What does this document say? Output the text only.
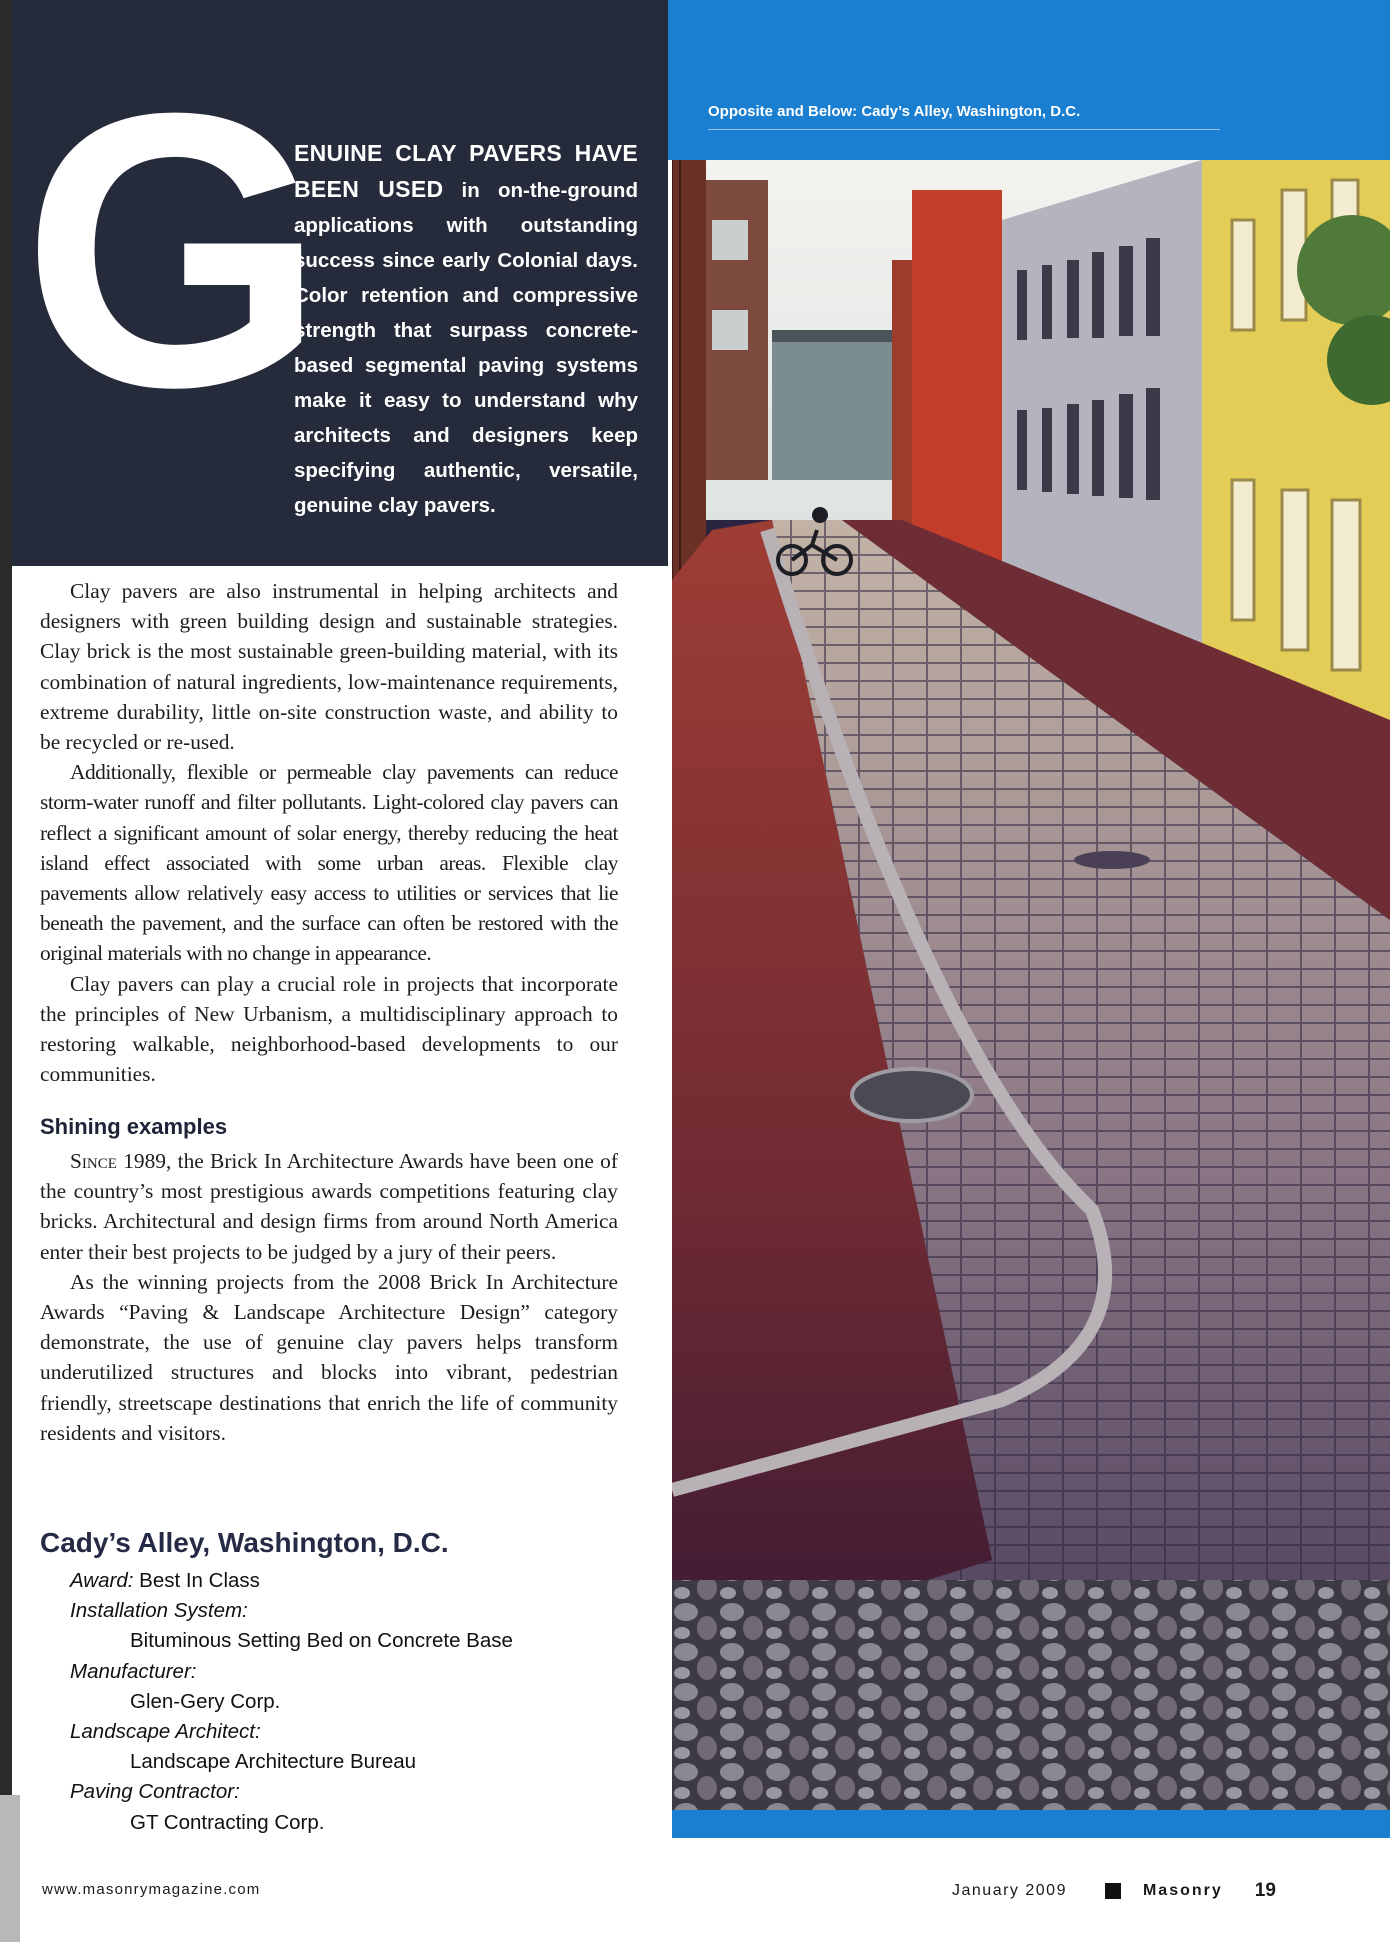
G
ENUINE CLAY PAVERS HAVE BEEN USED in on-the-ground applications with outstanding success since early Colonial days. Color retention and compressive strength that surpass concrete-based segmental paving systems make it easy to understand why architects and designers keep specifying authentic, versatile, genuine clay pavers.
Opposite and Below: Cady’s Alley, Washington, D.C.

Clay pavers are also instrumental in helping architects and designers with green building design and sustainable strategies. Clay brick is the most sustainable green-building material, with its combination of natural ingredients, low-maintenance requirements, extreme durability, little on-site construction waste, and ability to be recycled or re-used.

Additionally, flexible or permeable clay pavements can reduce storm-water runoff and filter pollutants. Light-colored clay pavers can reflect a significant amount of solar energy, thereby reducing the heat island effect associated with some urban areas. Flexible clay pavements allow relatively easy access to utilities or services that lie beneath the pavement, and the surface can often be restored with the original materials with no change in appearance.

Clay pavers can play a crucial role in projects that incorporate the principles of New Urbanism, a multidisciplinary approach to restoring walkable, neighborhood-based developments to our communities.

Shining examples

Since 1989, the Brick In Architecture Awards have been one of the country’s most prestigious awards competitions featuring clay bricks. Architectural and design firms from around North America enter their best projects to be judged by a jury of their peers.

As the winning projects from the 2008 Brick In Architecture Awards “Paving & Landscape Architecture Design” category demonstrate, the use of genuine clay pavers helps transform underutilized structures and blocks into vibrant, pedestrian friendly, streetscape destinations that enrich the life of community residents and visitors.

Cady’s Alley, Washington, D.C.
Award: Best In Class
Installation System:
Bituminous Setting Bed on Concrete Base
Manufacturer:
Glen-Gery Corp.
Landscape Architect:
Landscape Architecture Bureau
Paving Contractor:
GT Contracting Corp.
www.masonrymagazine.com	January 2009	Masonry 19
